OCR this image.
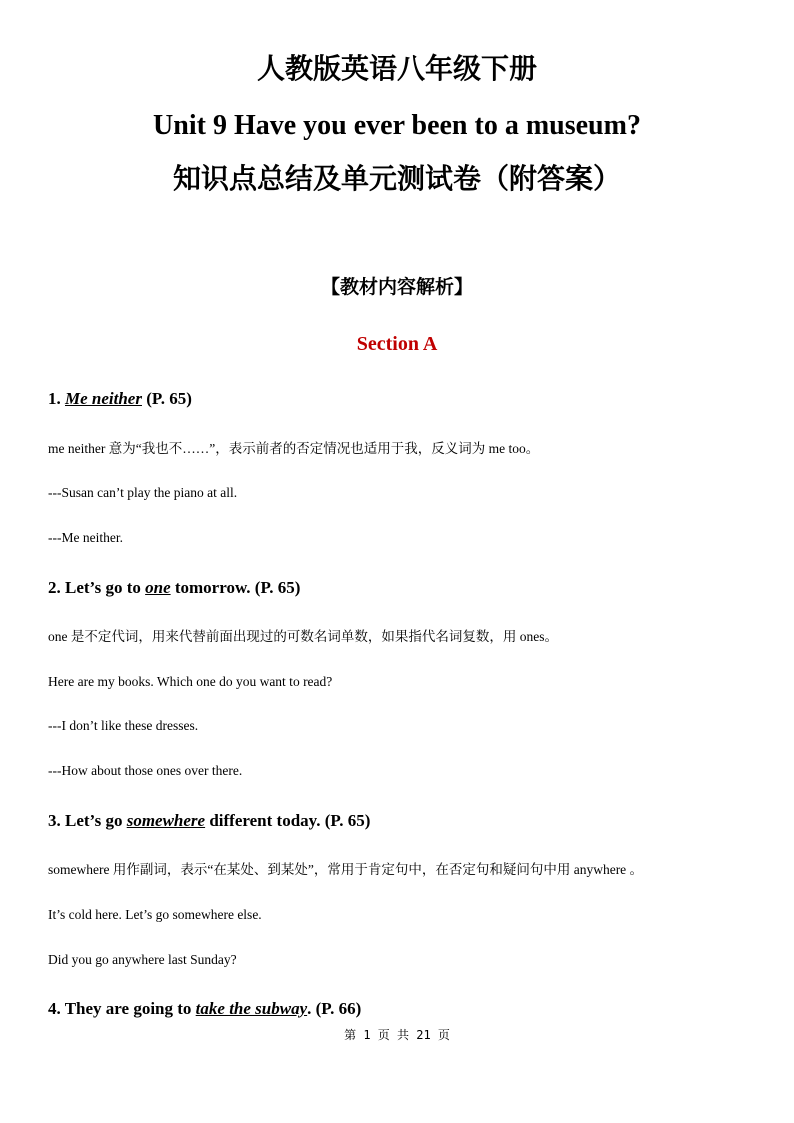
人教版英语八年级下册
Unit 9 Have you ever been to a museum?
知识点总结及单元测试卷（附答案）
【教材内容解析】
Section A
1. Me neither (P. 65)
me neither 意为“我也不……”，表示前者的否定情况也适用于我，反义词为 me too。
---Susan can’t play the piano at all.
---Me neither.
2. Let’s go to one tomorrow. (P. 65)
one 是不定代词，用来代替前面出现过的可数名词单数，如果指代名词复数，用 ones。
Here are my books. Which one do you want to read?
---I don’t like these dresses.
---How about those ones over there.
3. Let’s go somewhere different today. (P. 65)
somewhere 用作副词，表示“在某处、到某处”，常用于肯定句中，在否定句和疑问句中用 anywhere 。
It’s cold here. Let’s go somewhere else.
Did you go anywhere last Sunday?
4. They are going to take the subway. (P. 66)
第 1 页 共 21 页
